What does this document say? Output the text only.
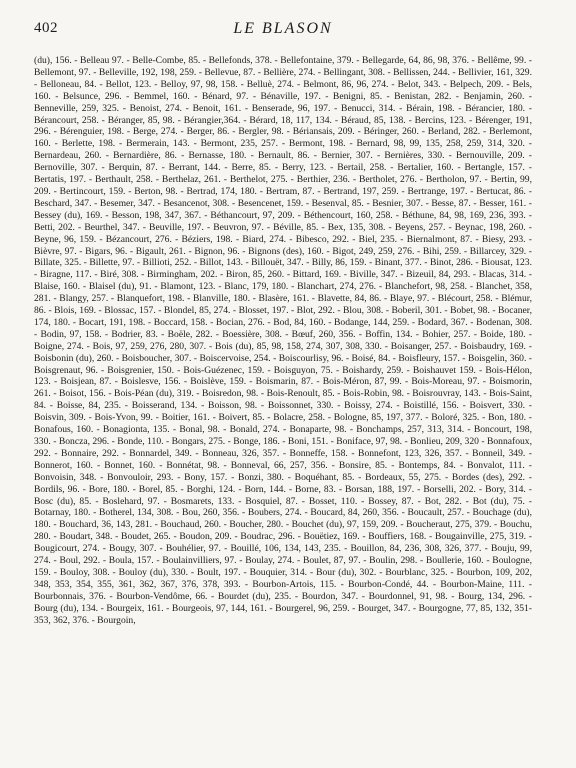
402	LE BLASON

(du), 156. - Belleau 97. - Belle-Combe, 85. - Bellefonds, 378. - Bellefontaine, 379. - Bellegarde, 64, 86, 98, 376. - Bellême, 99. - Bellemont, 97. - Belleville, 192, 198, 259. - Bellevue, 87. - Bellière, 274. - Bellingant, 308. - Bellissen, 244. - Bellivier, 161, 329. - Belloneau, 84. - Bellot, 123. - Belloy, 97, 98, 158. - Belluè, 274. - Belmont, 86, 96, 274. - Belot, 343. - Belpech, 209. - Bels, 160. - Belsunce, 296. - Bemmel, 160. - Bénard, 97. - Bénaville, 197. - Benigni, 85. - Benistan, 282. - Benjamin, 260. - Benneville, 259, 325. - Benoist, 274. - Benoit, 161. - Benserade, 96, 197. - Benucci, 314. - Bérain, 198. - Bérancier, 180. - Bérancourt, 258. - Béranger, 85, 98. - Bérangier,364. - Bérard, 18, 117, 134. - Béraud, 85, 138. - Bercins, 123. - Bérenger, 191, 296. - Bérenguier, 198. - Berge, 274. - Berger, 86. - Bergler, 98. - Bériansais, 209. - Béringer, 260. - Berland, 282. - Berlemont, 160. - Berlette, 198. - Bermerain, 143. - Bermont, 235, 257. - Bermont, 198. - Bernard, 98, 99, 135, 258, 259, 314, 320. - Bernardeau, 260. - Bernardière, 86. - Bernasse, 180. - Bernault, 86. - Bernier, 307. - Bernières, 330. - Bernouville, 209. - Bernoville, 307. - Berquin, 87. - Berrant, 144. - Berre, 85. - Berry, 123. - Bertail, 258. - Bertalier, 160. - Bertangle, 157. - Bertatis, 197. - Berthault, 258. - Berthelaz, 261. - Berthelot, 275. - Berthier, 236. - Bertholet, 276. - Bertholon, 97. - Bertin, 99, 209. - Bertincourt, 159. - Berton, 98. - Bertrad, 174, 180. - Bertram, 87. - Bertrand, 197, 259. - Bertrange, 197. - Bertucat, 86. - Beschard, 347. - Besemer, 347. - Besancenot, 308. - Besencenet, 159. - Besenval, 85. - Besnier, 307. - Besse, 87. - Besser, 161. - Bessey (du), 169. - Besson, 198, 347, 367. - Béthancourt, 97, 209. - Béthencourt, 160, 258. - Béthune, 84, 98, 169, 236, 393. - Betti, 202. - Beurthel, 347. - Beuville, 197. - Beuvron, 97. - Béville, 85. - Bex, 135, 308. - Beyens, 257. - Beynac, 198, 260. - Beyne, 96, 159. - Bézancourt, 276. - Béziers, 198. - Biard, 274. - Bibesco, 292. - Biel, 235. - Biernalmont, 87. - Biesy, 293. - Bièvre, 97. - Bigars, 96. - Bigault, 261. - Bignon, 96. - Bignons (des), 160. - Bigot, 249, 259, 276. - Bihi, 259. - Billarcey, 329. - Billate, 325. - Billette, 97. - Billioti, 252. - Billot, 143. - Billouët, 347. - Billy, 86, 159. - Binant, 377. - Binot, 286. - Biousat, 123. - Biragne, 117. - Biré, 308. - Birmingham, 202. - Biron, 85, 260. - Bittard, 169. - Biville, 347. - Bizeuil, 84, 293. - Blacas, 314. - Blaise, 160. - Blaisel (du), 91. - Blamont, 123. - Blanc, 179, 180. - Blanchart, 274, 276. - Blanchefort, 98, 258. - Blanchet, 358, 281. - Blangy, 257. - Blanquefort, 198. - Blanville, 180. - Blasère, 161. - Blavette, 84, 86. - Blaye, 97. - Blécourt, 258. - Blémur, 86. - Blois, 169. - Blossac, 157. - Blondel, 85, 274. - Blosset, 197. - Blot, 292. - Blou, 308. - Boberil, 301. - Bobet, 98. - Bocaner, 174, 180. - Bocart, 191, 198. - Boccard, 158. - Bocian, 276. - Bod, 84, 160. - Bodange, 144, 259. - Bodard, 367. - Bodenan, 308. - Bodin, 97, 158. - Bodrier, 83. - Boële, 282. - Boessière, 308. - Bœuf, 260, 356. - Boffin, 134. - Bohier, 257. - Boide, 180. - Boigne, 274. - Bois, 97, 259, 276, 280, 307. - Bois (du), 85, 98, 158, 274, 307, 308, 330. - Boisanger, 257. - Boisbaudry, 169. - Boisbonin (du), 260. - Boisboucher, 307. - Boiscervoise, 254. - Boiscourlisy, 96. - Boisé, 84. - Boisfleury, 157. - Boisgelin, 360. - Boisgrenaut, 96. - Boisgrenier, 150. - Bois-Guézenec, 159. - Boisguyon, 75. - Boishardy, 259. - Boishauvet 159. - Bois-Hélon, 123. - Boisjean, 87. - Boislesve, 156. - Boislève, 159. - Boismarin, 87. - Bois-Méron, 87, 99. - Bois-Moreau, 97. - Boismorin, 261. - Boisot, 156. - Bois-Péan (du), 319. - Boisredon, 98. - Bois-Renoult, 85. - Bois-Robin, 98. - Boisrouvray, 143. - Bois-Saint, 84. - Boisse, 84, 235. - Boisserand, 134. - Boisson, 98. - Boissonnet, 330. - Boissy, 274. - Boistillé, 156. - Boisvert, 330. - Boisvin, 309. - Bois-Yvon, 99. - Boitier, 161. - Boivert, 85. - Bolacre, 258. - Bologne, 85, 197, 377. - Boloré, 325. - Bon, 180. - Bonafous, 160. - Bonagionta, 135. - Bonal, 98. - Bonald, 274. - Bonaparte, 98. - Bonchamps, 257, 313, 314. - Boncourt, 198, 330. - Boncza, 296. - Bonde, 110. - Bongars, 275. - Bonge, 186. - Boni, 151. - Boniface, 97, 98. - Bonlieu, 209, 320 - Bonnafoux, 292. - Bonnaire, 292. - Bonnardel, 349. - Bonneau, 326, 357. - Bonneffe, 158. - Bonnefont, 123, 326, 357. - Bonneil, 349. - Bonnerot, 160. - Bonnet, 160. - Bonnétat, 98. - Bonneval, 66, 257, 356. - Bonsire, 85. - Bontemps, 84. - Bonvalot, 111. - Bonvoisin, 348. - Bonvouloir, 293. - Bony, 157. - Bonzi, 380. - Boquéhant, 85. - Bordeaux, 55, 275. - Bordes (des), 292. - Bordils, 96. - Bore, 180. - Borel, 85. - Borghi, 124. - Born, 144. - Borne, 83. - Borsan, 188, 197. - Borselli, 202. - Bory, 314. - Bosc (du), 85. - Boslehard, 97. - Bosmarets, 133. - Bosquiel, 87. - Bosset, 110. - Bossey, 87. - Bot, 282. - Bot (du), 75. - Botarnay, 180. - Botherel, 134, 308. - Bou, 260, 356. - Boubers, 274. - Boucard, 84, 260, 356. - Boucault, 257. - Bouchage (du), 180. - Bouchard, 36, 143, 281. - Bouchaud, 260. - Boucher, 280. - Bouchet (du), 97, 159, 209. - Boucheraut, 275, 379. - Bouchu, 280. - Boudart, 348. - Boudet, 265. - Boudon, 209. - Boudrac, 296. - Bouëtiez, 169. - Bouffiers, 168. - Bougainville, 275, 319. - Bougicourt, 274. - Bougy, 307. - Bouhélier, 97. - Bouillé, 106, 134, 143, 235. - Bouillon, 84, 236, 308, 326, 377. - Bouju, 99, 274. - Boul, 292. - Boula, 157. - Boulainvilliers, 97. - Boulay, 274. - Boulet, 87, 97. - Boulin, 298. - Boullerie, 160. - Boulogne, 159. - Bouloy, 308. - Bouloy (du), 330. - Boult, 197. - Bouquier, 314. - Bour (du), 302. - Bourblanc, 325. - Bourbon, 109, 202, 348, 353, 354, 355, 361, 362, 367, 376, 378, 393. - Bourbon-Artois, 115. - Bourbon-Condé, 44. - Bourbon-Maine, 111. - Bourbonnais, 376. - Bourbon-Vendôme, 66. - Bourdet (du), 235. - Bourdon, 347. - Bourdonnel, 91, 98. - Bourg, 134, 296. - Bourg (du), 134. - Bourgeix, 161. - Bourgeois, 97, 144, 161. - Bourgerel, 96, 259. - Bourget, 347. - Bourgogne, 77, 85, 132, 351-353, 362, 376. - Bourgoin,
